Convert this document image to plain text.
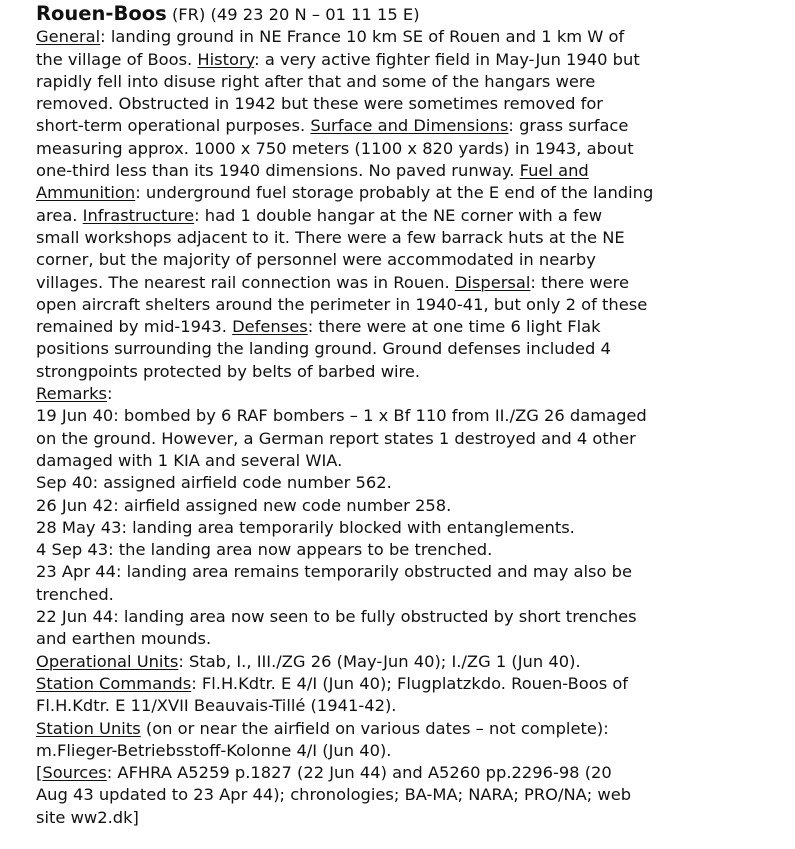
Rouen-Boos (FR) (49 23 20 N – 01 11 15 E)
General: landing ground in NE France 10 km SE of Rouen and 1 km W of
the village of Boos. History: a very active fighter field in May-Jun 1940 but
rapidly fell into disuse right after that and some of the hangars were
removed. Obstructed in 1942 but these were sometimes removed for
short-term operational purposes. Surface and Dimensions: grass surface
measuring approx. 1000 x 750 meters (1100 x 820 yards) in 1943, about
one-third less than its 1940 dimensions. No paved runway. Fuel and
Ammunition: underground fuel storage probably at the E end of the landing
area. Infrastructure: had 1 double hangar at the NE corner with a few
small workshops adjacent to it. There were a few barrack huts at the NE
corner, but the majority of personnel were accommodated in nearby
villages. The nearest rail connection was in Rouen. Dispersal: there were
open aircraft shelters around the perimeter in 1940-41, but only 2 of these
remained by mid-1943. Defenses: there were at one time 6 light Flak
positions surrounding the landing ground. Ground defenses included 4
strongpoints protected by belts of barbed wire.
Remarks:
19 Jun 40: bombed by 6 RAF bombers – 1 x Bf 110 from II./ZG 26 damaged
on the ground. However, a German report states 1 destroyed and 4 other
damaged with 1 KIA and several WIA.
Sep 40: assigned airfield code number 562.
26 Jun 42: airfield assigned new code number 258.
28 May 43: landing area temporarily blocked with entanglements.
4 Sep 43: the landing area now appears to be trenched.
23 Apr 44: landing area remains temporarily obstructed and may also be
trenched.
22 Jun 44: landing area now seen to be fully obstructed by short trenches
and earthen mounds.
Operational Units: Stab, I., III./ZG 26 (May-Jun 40); I./ZG 1 (Jun 40).
Station Commands: Fl.H.Kdtr. E 4/I (Jun 40); Flugplatzkdo. Rouen-Boos of
Fl.H.Kdtr. E 11/XVII Beauvais-Tillé (1941-42).
Station Units (on or near the airfield on various dates – not complete):
m.Flieger-Betriebsstoff-Kolonne 4/I (Jun 40).
[Sources: AFHRA A5259 p.1827 (22 Jun 44) and A5260 pp.2296-98 (20
Aug 43 updated to 23 Apr 44); chronologies; BA-MA; NARA; PRO/NA; web
site ww2.dk]
